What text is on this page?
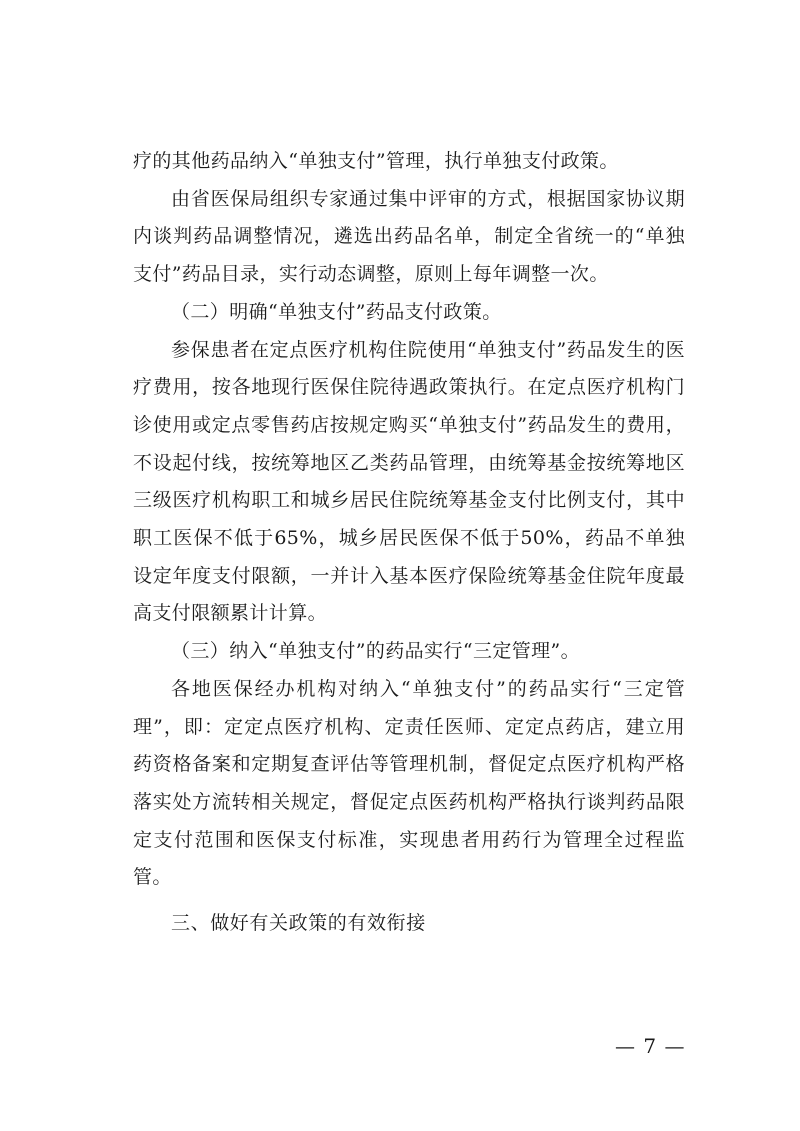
疗的其他药品纳入“单独支付”管理，执行单独支付政策。

由省医保局组织专家通过集中评审的方式，根据国家协议期内谈判药品调整情况，遴选出药品名单，制定全省统一的“单独支付”药品目录，实行动态调整，原则上每年调整一次。

（二）明确“单独支付”药品支付政策。

参保患者在定点医疗机构住院使用“单独支付”药品发生的医疗费用，按各地现行医保住院待遇政策执行。在定点医疗机构门诊使用或定点零售药店按规定购买“单独支付”药品发生的费用，不设起付线，按统筹地区乙类药品管理，由统筹基金按统筹地区三级医疗机构职工和城乡居民住院统筹基金支付比例支付，其中职工医保不低于65%，城乡居民医保不低于50%，药品不单独设定年度支付限额，一并计入基本医疗保险统筹基金住院年度最高支付限额累计计算。

（三）纳入“单独支付”的药品实行“三定管理”。

各地医保经办机构对纳入“单独支付”的药品实行“三定管理”，即：定定点医疗机构、定责任医师、定定点药店，建立用药资格备案和定期复查评估等管理机制，督促定点医疗机构严格落实处方流转相关规定，督促定点医药机构严格执行谈判药品限定支付范围和医保支付标准，实现患者用药行为管理全过程监管。

三、做好有关政策的有效衔接

— 7 —
